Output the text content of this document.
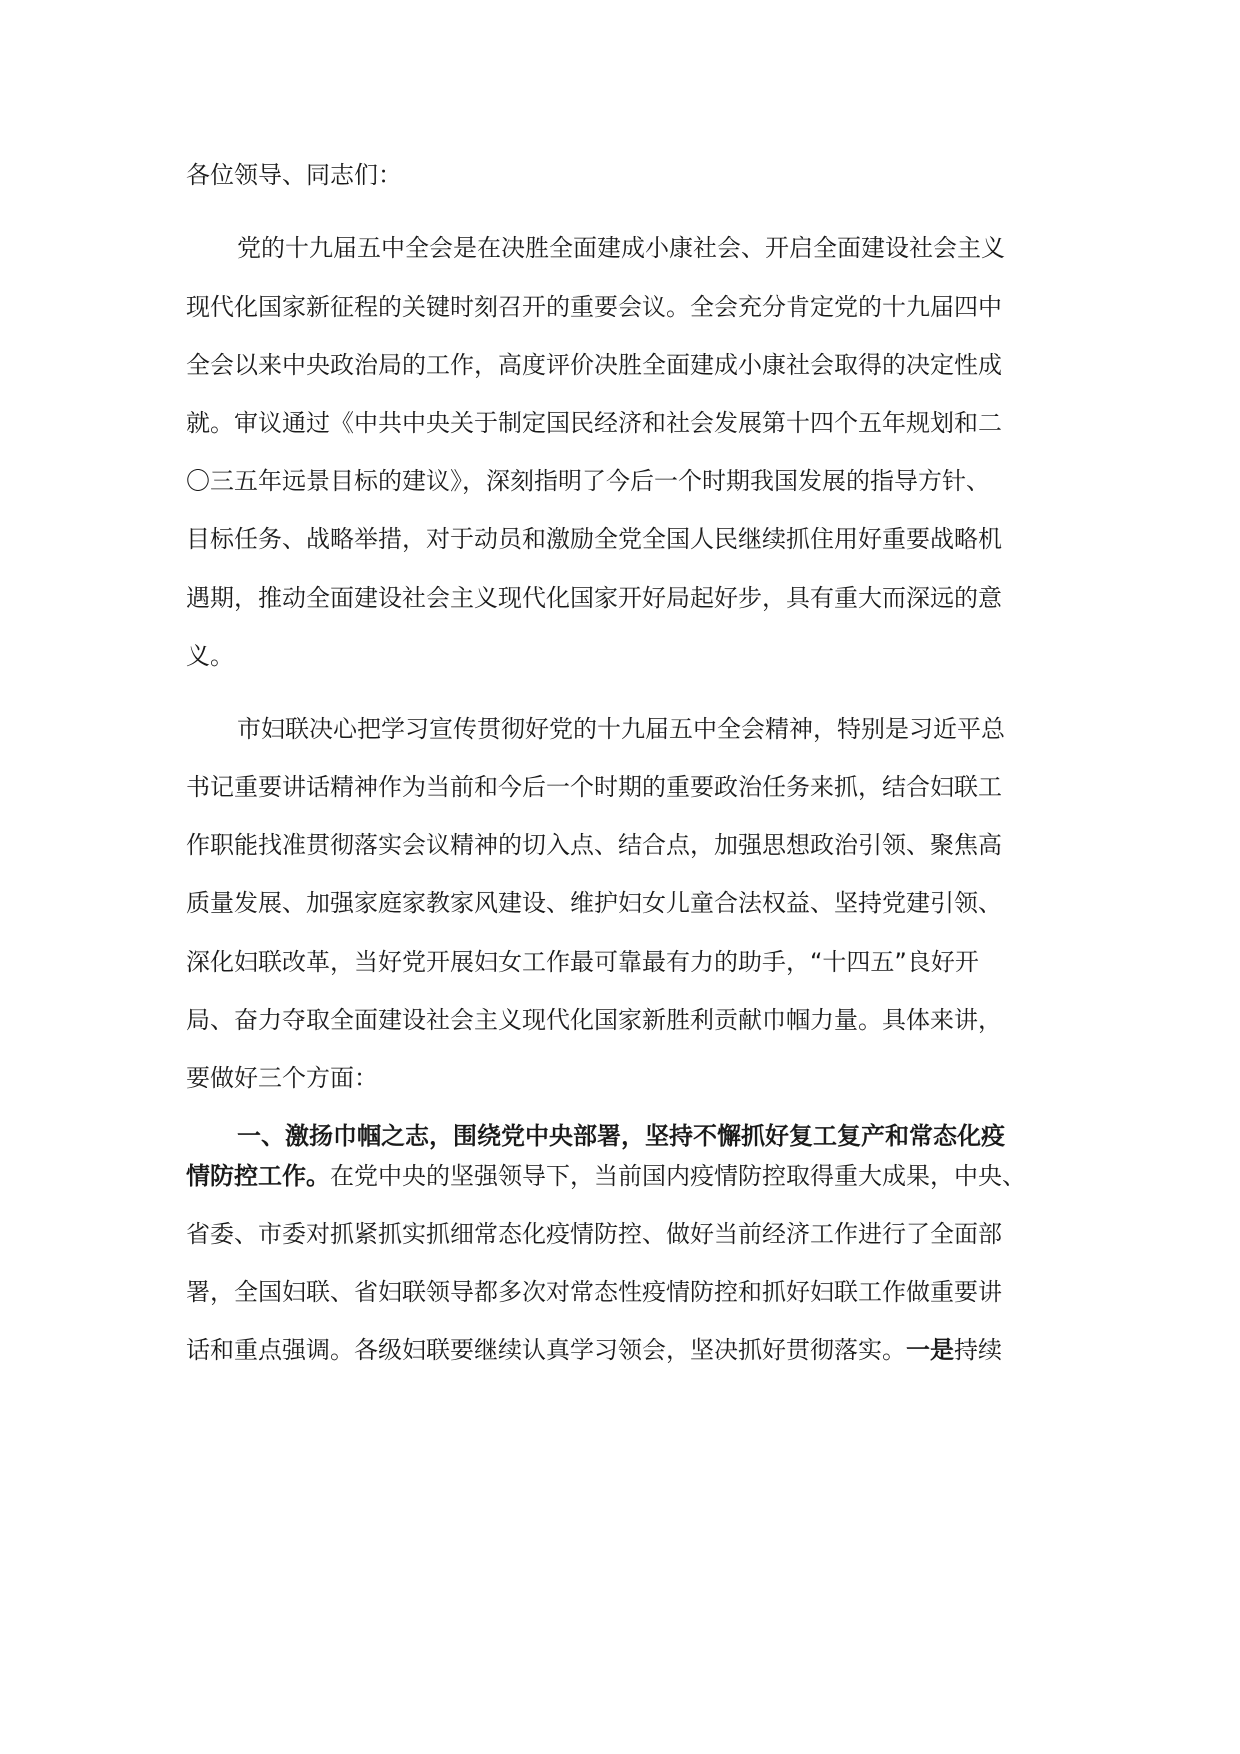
各位领导、同志们：
党的十九届五中全会是在决胜全面建成小康社会、开启全面建设社会主义
现代化国家新征程的关键时刻召开的重要会议。全会充分肯定党的十九届四中
全会以来中央政治局的工作，高度评价决胜全面建成小康社会取得的决定性成
就。审议通过《中共中央关于制定国民经济和社会发展第十四个五年规划和二
〇三五年远景目标的建议》，深刻指明了今后一个时期我国发展的指导方针、
目标任务、战略举措，对于动员和激励全党全国人民继续抓住用好重要战略机
遇期，推动全面建设社会主义现代化国家开好局起好步，具有重大而深远的意
义。
市妇联决心把学习宣传贯彻好党的十九届五中全会精神，特别是习近平总
书记重要讲话精神作为当前和今后一个时期的重要政治任务来抓，结合妇联工
作职能找准贯彻落实会议精神的切入点、结合点，加强思想政治引领、聚焦高
质量发展、加强家庭家教家风建设、维护妇女儿童合法权益、坚持党建引领、
深化妇联改革，当好党开展妇女工作最可靠最有力的助手，“十四五”良好开
局、奋力夺取全面建设社会主义现代化国家新胜利贡献巾帼力量。具体来讲，
要做好三个方面：
一、激扬巾帼之志，围绕党中央部署，坚持不懈抓好复工复产和常态化疫
情防控工作。在党中央的坚强领导下，当前国内疫情防控取得重大成果，中央、
省委、市委对抓紧抓实抓细常态化疫情防控、做好当前经济工作进行了全面部
署，全国妇联、省妇联领导都多次对常态性疫情防控和抓好妇联工作做重要讲
话和重点强调。各级妇联要继续认真学习领会，坚决抓好贯彻落实。一是持续
